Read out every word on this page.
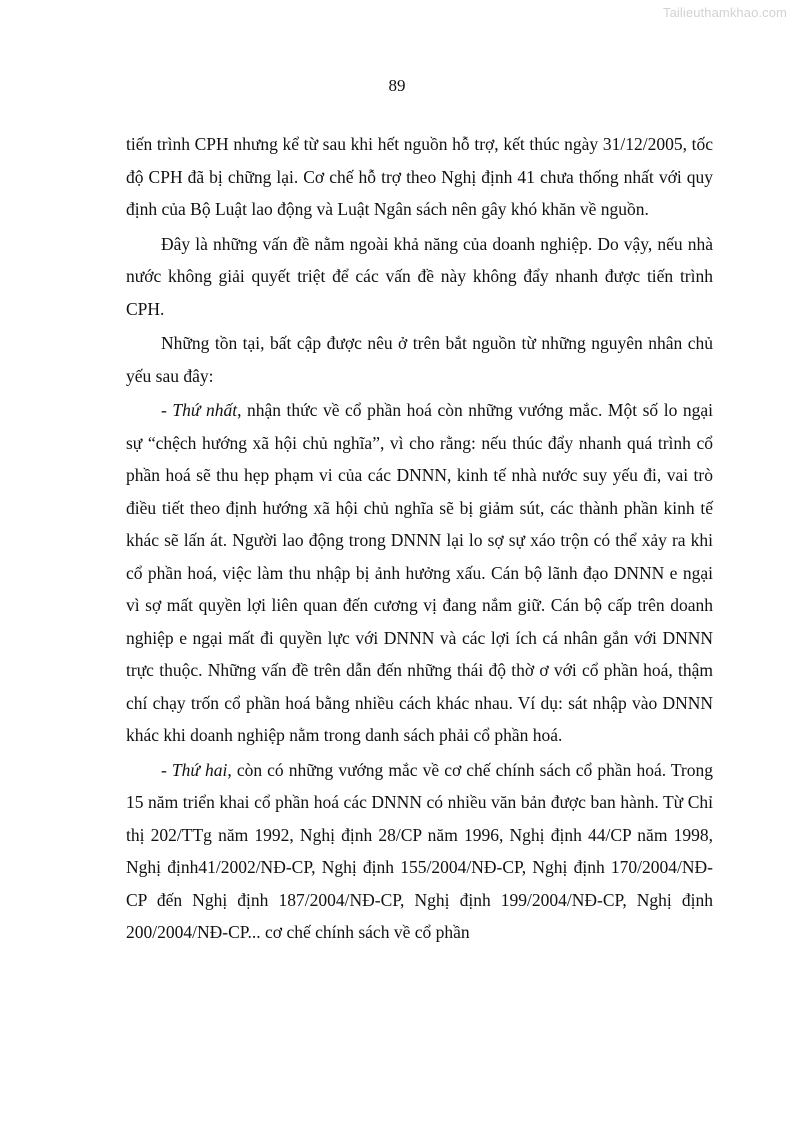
Tailieuthamkhao.com
89

tiến trình CPH nhưng kể từ sau khi hết nguồn hỗ trợ, kết thúc ngày 31/12/2005, tốc độ CPH đã bị chững lại. Cơ chế hỗ trợ theo Nghị định 41 chưa thống nhất với quy định của Bộ Luật lao động và Luật Ngân sách nên gây khó khăn về nguồn.

Đây là những vấn đề nằm ngoài khả năng của doanh nghiệp. Do vậy, nếu nhà nước không giải quyết triệt để các vấn đề này không đẩy nhanh được tiến trình CPH.

Những tồn tại, bất cập được nêu ở trên bắt nguồn từ những nguyên nhân chủ yếu sau đây:

- Thứ nhất, nhận thức về cổ phần hoá còn những vướng mắc. Một số lo ngại sự “chệch hướng xã hội chủ nghĩa”, vì cho rằng: nếu thúc đẩy nhanh quá trình cổ phần hoá sẽ thu hẹp phạm vi của các DNNN, kinh tế nhà nước suy yếu đi, vai trò điều tiết theo định hướng xã hội chủ nghĩa sẽ bị giảm sút, các thành phần kinh tế khác sẽ lấn át. Người lao động trong DNNN lại lo sợ sự xáo trộn có thể xảy ra khi cổ phần hoá, việc làm thu nhập bị ảnh hưởng xấu. Cán bộ lãnh đạo DNNN e ngại vì sợ mất quyền lợi liên quan đến cương vị đang nắm giữ. Cán bộ cấp trên doanh nghiệp e ngại mất đi quyền lực với DNNN và các lợi ích cá nhân gắn với DNNN trực thuộc. Những vấn đề trên dẫn đến những thái độ thờ ơ với cổ phần hoá, thậm chí chạy trốn cổ phần hoá bằng nhiều cách khác nhau. Ví dụ: sát nhập vào DNNN khác khi doanh nghiệp nằm trong danh sách phải cổ phần hoá.

- Thứ hai, còn có những vướng mắc về cơ chế chính sách cổ phần hoá. Trong 15 năm triển khai cổ phần hoá các DNNN có nhiều văn bản được ban hành. Từ Chỉ thị 202/TTg năm 1992, Nghị định 28/CP năm 1996, Nghị định 44/CP năm 1998, Nghị định41/2002/NĐ-CP, Nghị định 155/2004/NĐ-CP, Nghị định 170/2004/NĐ-CP đến Nghị định 187/2004/NĐ-CP, Nghị định 199/2004/NĐ-CP, Nghị định 200/2004/NĐ-CP... cơ chế chính sách về cổ phần
